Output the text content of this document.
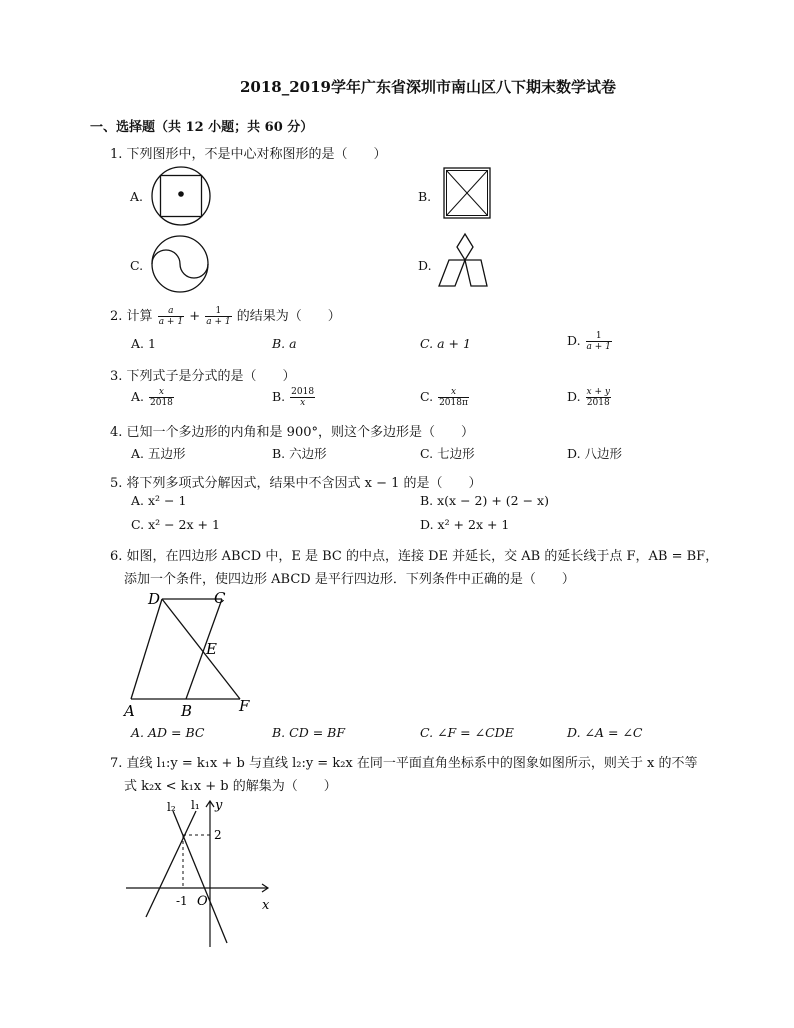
2018_2019学年广东省深圳市南山区八下期末数学试卷
一、选择题（共 12 小题；共 60 分）
1. 下列图形中，不是中心对称图形的是（　　）
A.	B.
C.	D.
2. 计算 $\frac{a}{a + 1} + \frac{1}{a + 1}$ 的结果为（　　）
A. 1	B. a	C. a + 1	D. $\frac{1}{a + 1}$
3. 下列式子是分式的是（　　）
A. $\frac{x}{2018}$	B. $\frac{2018}{x}$	C. $\frac{x}{2018\pi}$	D. $\frac{x + y}{2018}$
4. 已知一个多边形的内角和是 900°，则这个多边形是（　　）
A. 五边形	B. 六边形	C. 七边形	D. 八边形
5. 将下列多项式分解因式，结果中不含因式 x − 1 的是（　　）
A. x² − 1	B. x(x − 2) + (2 − x)
C. x² − 2x + 1	D. x² + 2x + 1
6. 如图，在四边形 ABCD 中，E 是 BC 的中点，连接 DE 并延长，交 AB 的延长线于点 F，AB = BF，
添加一个条件，使四边形 ABCD 是平行四边形．下列条件中正确的是（　　）
D	C
E
A	B	F
A. AD = BC	B. CD = BF	C. ∠F = ∠CDE	D. ∠A = ∠C
7. 直线 l₁:y = k₁x + b 与直线 l₂:y = k₂x 在同一平面直角坐标系中的图象如图所示，则关于 x 的不等
式 k₂x < k₁x + b 的解集为（　　）
l₂ l₁ y
2
-1 O	x
